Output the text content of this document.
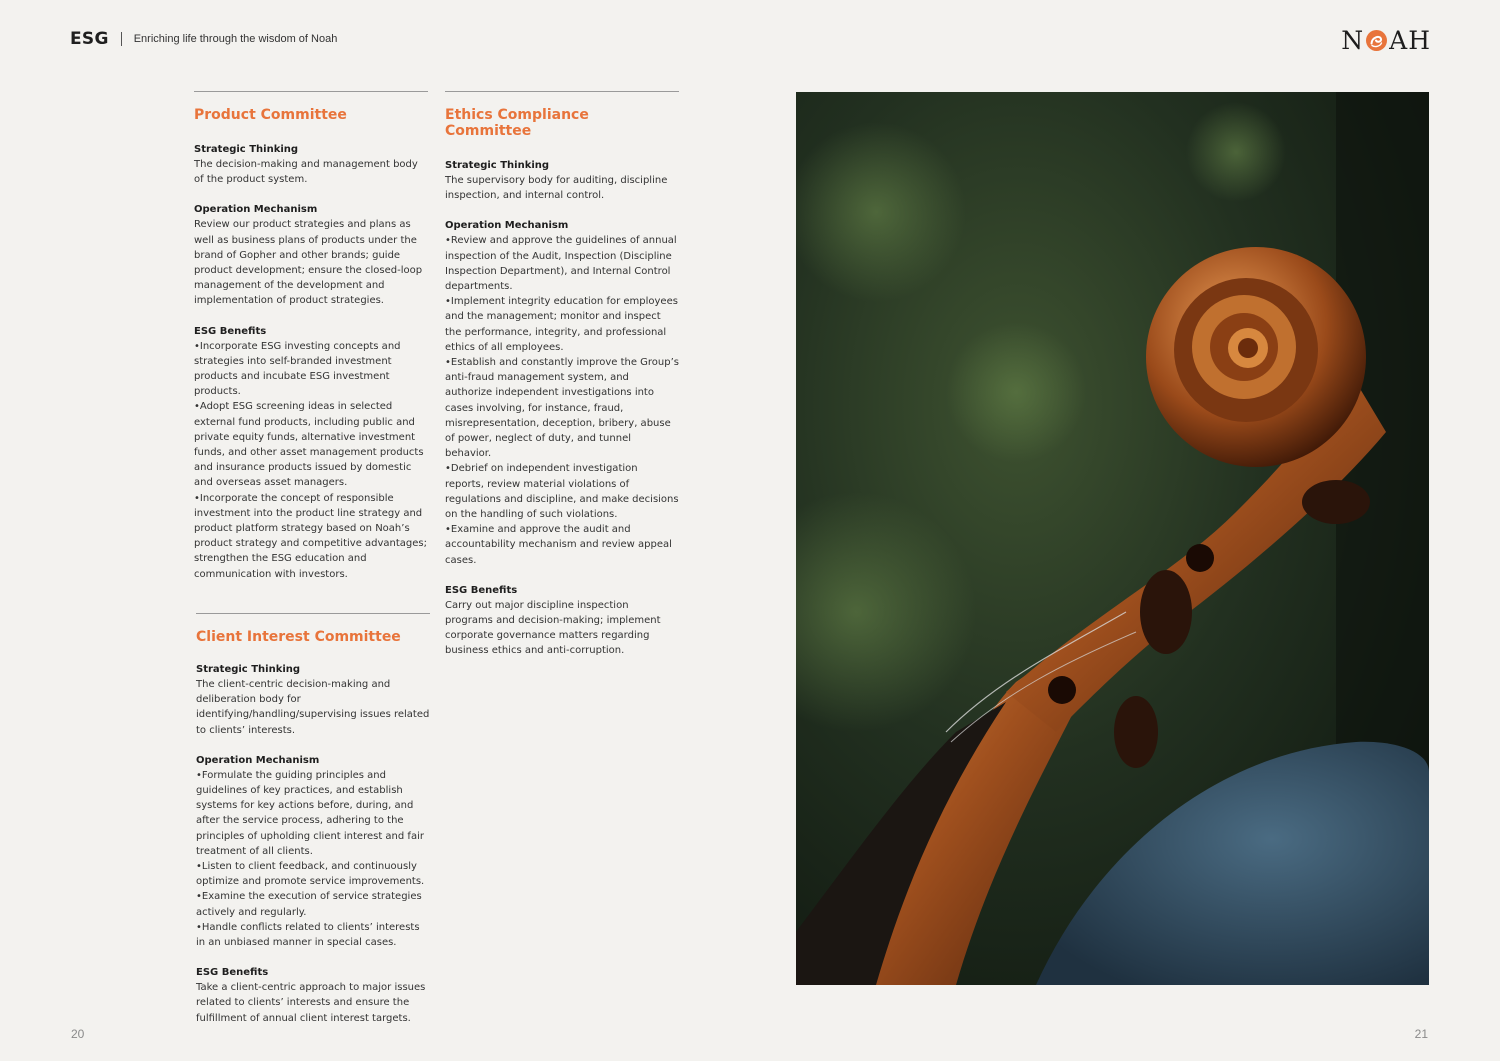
ESG Enriching life through the wisdom of Noah	N AH
Product Committee
Strategic Thinking

The decision-making and management body of the product system.

Operation Mechanism

Review our product strategies and plans as well as business plans of products under the brand of Gopher and other brands; guide product development; ensure the closed-loop management of the development and implementation of product strategies.

ESG Benefits

•Incorporate ESG investing concepts and strategies into self-branded investment products and incubate ESG investment products.

•Adopt ESG screening ideas in selected external fund products, including public and private equity funds, alternative investment funds, and other asset management products and insurance products issued by domestic and overseas asset managers.

•Incorporate the concept of responsible investment into the product line strategy and product platform strategy based on Noah’s product strategy and competitive advantages; strengthen the ESG education and communication with investors.

Ethics Compliance Committee
Strategic Thinking

The supervisory body for auditing, discipline inspection, and internal control.

Operation Mechanism

•Review and approve the guidelines of annual inspection of the Audit, Inspection (Discipline Inspection Department), and Internal Control departments.

•Implement integrity education for employees and the management; monitor and inspect the performance, integrity, and professional ethics of all employees.

•Establish and constantly improve the Group’s anti-fraud management system, and authorize independent investigations into cases involving, for instance, fraud, misrepresentation, deception, bribery, abuse of power, neglect of duty, and tunnel behavior.

•Debrief on independent investigation reports, review material violations of regulations and discipline, and make decisions on the handling of such violations.

•Examine and approve the audit and accountability mechanism and review appeal cases.

ESG Benefits

Carry out major discipline inspection programs and decision-making; implement corporate governance matters regarding business ethics and anti-corruption.

Client Interest Committee
Strategic Thinking

The client-centric decision-making and deliberation body for identifying/handling/supervising issues related to clients’ interests.

Operation Mechanism

•Formulate the guiding principles and guidelines of key practices, and establish systems for key actions before, during, and after the service process, adhering to the principles of upholding client interest and fair treatment of all clients.

•Listen to client feedback, and continuously optimize and promote service improvements.

•Examine the execution of service strategies actively and regularly.

•Handle conflicts related to clients’ interests in an unbiased manner in special cases.

ESG Benefits

Take a client-centric approach to major issues related to clients’ interests and ensure the fulfillment of annual client interest targets.

20	21
